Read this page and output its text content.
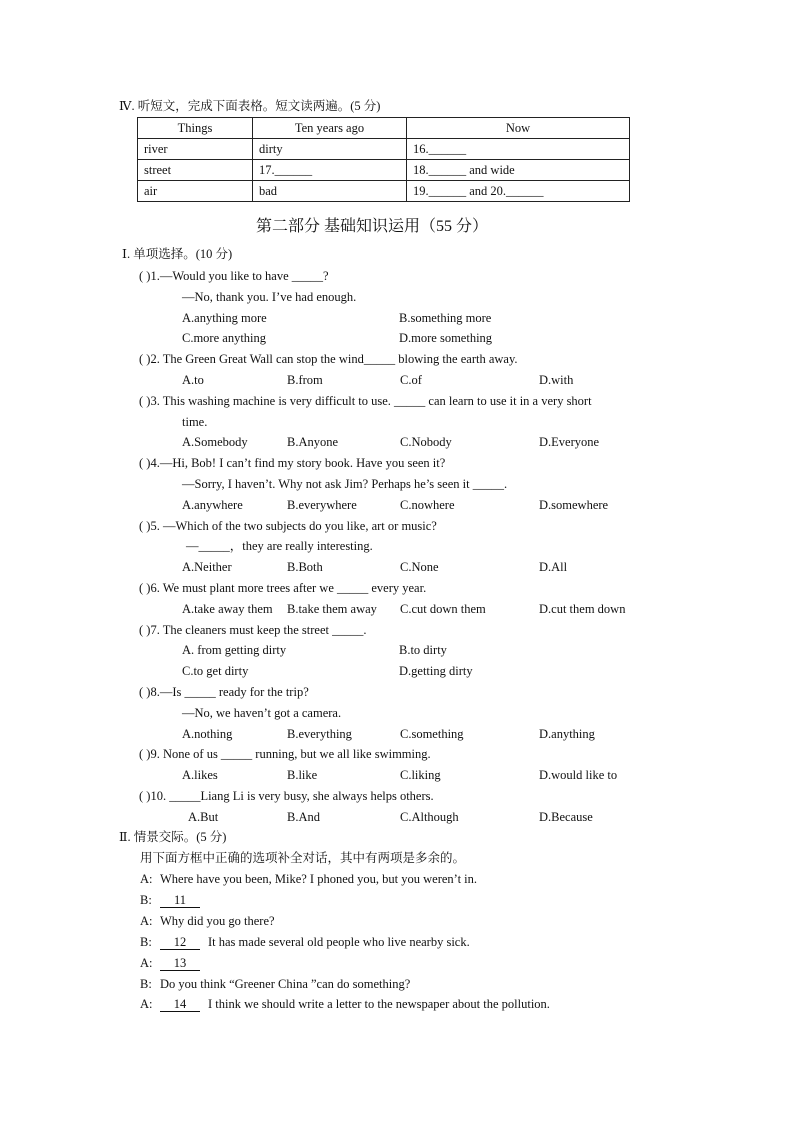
Ⅳ. 听短文，完成下面表格。短文读两遍。(5 分)
Things	Ten years ago	Now
river	dirty	16.______
street	17.______	18.______ and wide
air	bad	19.______ and 20.______
第二部分 基础知识运用（55 分）
Ⅰ. 单项选择。(10 分)
( )1.—Would you like to have _____?
—No, thank you. I’ve had enough.
A.anything more	B.something more
C.more anything	D.more something
( )2. The Green Great Wall can stop the wind_____ blowing the earth away.
A.to	B.from	C.of	D.with
( )3. This washing machine is very difficult to use. _____ can learn to use it in a very short
time.
A.Somebody	B.Anyone	C.Nobody	D.Everyone
( )4.—Hi, Bob! I can’t find my story book. Have you seen it?
—Sorry, I haven’t. Why not ask Jim? Perhaps he’s seen it _____.
A.anywhere	B.everywhere	C.nowhere	D.somewhere
( )5. —Which of the two subjects do you like, art or music?
—_____，they are really interesting.
A.Neither	B.Both	C.None	D.All
( )6. We must plant more trees after we _____ every year.
A.take away them B.take them away C.cut down them	D.cut them down
( )7. The cleaners must keep the street _____.
A. from getting dirty	B.to dirty
C.to get dirty	D.getting dirty
( )8.—Is _____ ready for the trip?
—No, we haven’t got a camera.
A.nothing	B.everything	C.something	D.anything
( )9. None of us _____ running, but we all like swimming.
A.likes	B.like	C.liking	D.would like to
( )10. _____Liang Li is very busy, she always helps others.
A.But	B.And	C.Although	D.Because
Ⅱ. 情景交际。(5 分)
用下面方框中正确的选项补全对话，其中有两项是多余的。
A: Where have you been, Mike? I phoned you, but you weren’t in.
B: 11
A: Why did you go there?
B: 12 It has made several old people who live nearby sick.
A: 13
B: Do you think “Greener China ”can do something?
A: 14 I think we should write a letter to the newspaper about the pollution.
